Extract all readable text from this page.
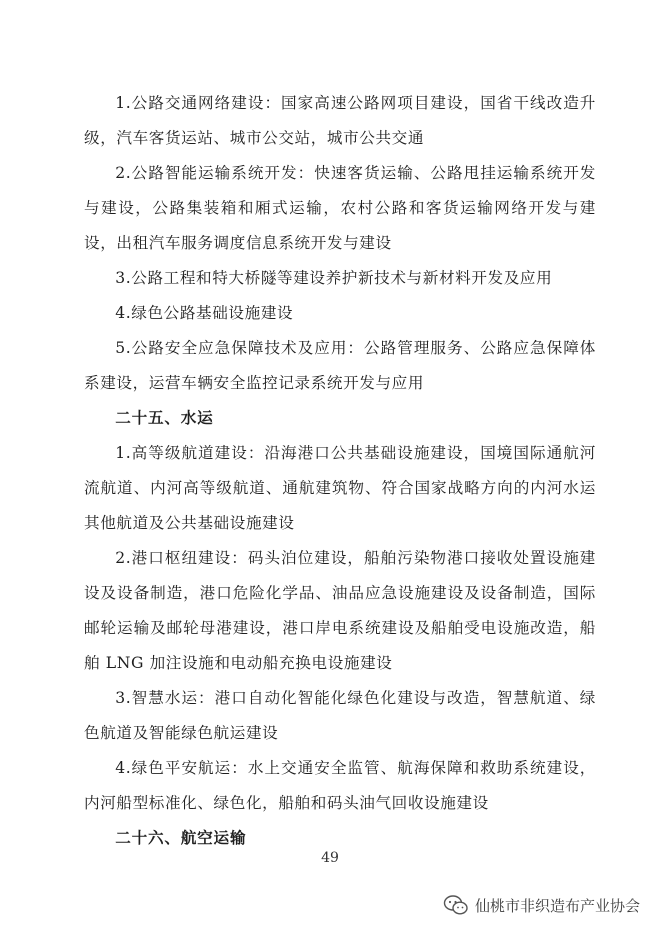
1.公路交通网络建设：国家高速公路网项目建设，国省干线改造升级，汽车客货运站、城市公交站，城市公共交通

2.公路智能运输系统开发：快速客货运输、公路甩挂运输系统开发与建设，公路集装箱和厢式运输，农村公路和客货运输网络开发与建设，出租汽车服务调度信息系统开发与建设

3.公路工程和特大桥隧等建设养护新技术与新材料开发及应用

4.绿色公路基础设施建设

5.公路安全应急保障技术及应用：公路管理服务、公路应急保障体系建设，运营车辆安全监控记录系统开发与应用

二十五、水运

1.高等级航道建设：沿海港口公共基础设施建设，国境国际通航河流航道、内河高等级航道、通航建筑物、符合国家战略方向的内河水运其他航道及公共基础设施建设

2.港口枢纽建设：码头泊位建设，船舶污染物港口接收处置设施建设及设备制造，港口危险化学品、油品应急设施建设及设备制造，国际邮轮运输及邮轮母港建设，港口岸电系统建设及船舶受电设施改造，船舶 LNG 加注设施和电动船充换电设施建设

3.智慧水运：港口自动化智能化绿色化建设与改造，智慧航道、绿色航道及智能绿色航运建设

4.绿色平安航运：水上交通安全监管、航海保障和救助系统建设，内河船型标准化、绿色化，船舶和码头油气回收设施建设

二十六、航空运输

49
仙桃市非织造布产业协会
